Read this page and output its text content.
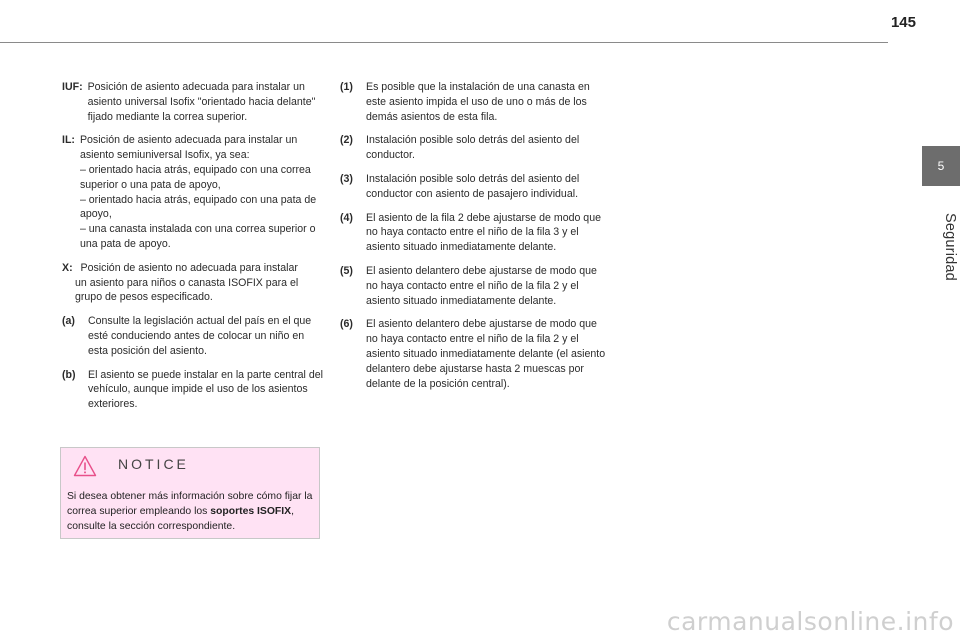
145
5
Seguridad
IUF: Posición de asiento adecuada para instalar un asiento universal Isofix "orientado hacia delante" fijado mediante la correa superior.
IL: Posición de asiento adecuada para instalar un asiento semiuniversal Isofix, ya sea:
– orientado hacia atrás, equipado con una correa superior o una pata de apoyo,
– orientado hacia atrás, equipado con una pata de apoyo,
– una canasta instalada con una correa superior o una pata de apoyo.
X: Posición de asiento no adecuada para instalar
un asiento para niños o canasta ISOFIX para el grupo de pesos especificado.
(a)	Consulte la legislación actual del país en el que esté conduciendo antes de colocar un niño en esta posición del asiento.
(b)	El asiento se puede instalar en la parte central del vehículo, aunque impide el uso de los asientos exteriores.
NOTICE
Si desea obtener más información sobre cómo fijar la correa superior empleando los soportes ISOFIX, consulte la sección correspondiente.
(1)	Es posible que la instalación de una canasta en este asiento impida el uso de uno o más de los demás asientos de esta fila.
(2)	Instalación posible solo detrás del asiento del conductor.
(3)	Instalación posible solo detrás del asiento del conductor con asiento de pasajero individual.
(4)	El asiento de la fila 2 debe ajustarse de modo que no haya contacto entre el niño de la fila 3 y el asiento situado inmediatamente delante.
(5)	El asiento delantero debe ajustarse de modo que no haya contacto entre el niño de la fila 2 y el asiento situado inmediatamente delante.
(6)	El asiento delantero debe ajustarse de modo que no haya contacto entre el niño de la fila 2 y el asiento situado inmediatamente delante (el asiento delantero debe ajustarse hasta 2 muescas por delante de la posición central).
carmanualsonline.info
